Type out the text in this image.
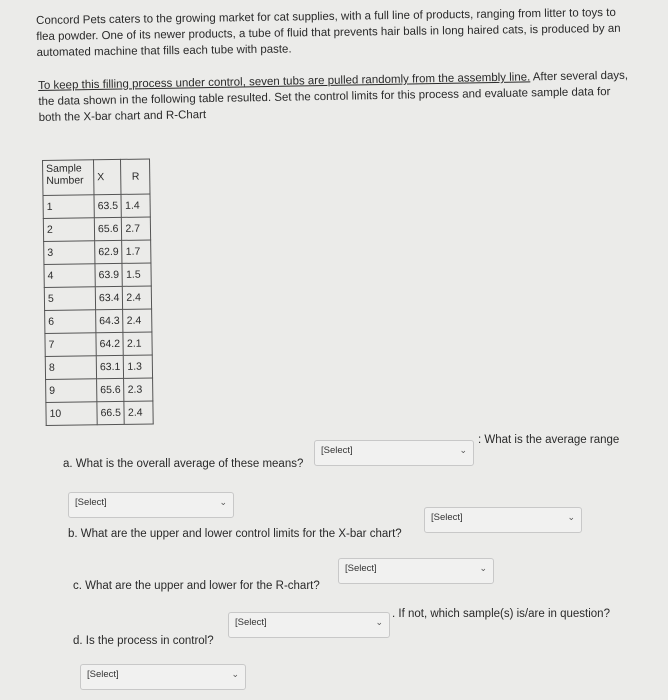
Concord Pets caters to the growing market for cat supplies, with a full line of products, ranging from litter to toys to flea powder. One of its newer products, a tube of fluid that prevents hair balls in long haired cats, is produced by an automated machine that fills each tube with paste.
To keep this filling process under control, seven tubs are pulled randomly from the assembly line. After several days, the data shown in the following table resulted. Set the control limits for this process and evaluate sample data for both the X-bar chart and R-Chart
Sample Number	X	R
1	63.5	1.4
2	65.6	2.7
3	62.9	1.7
4	63.9	1.5
5	63.4	2.4
6	64.3	2.4
7	64.2	2.1
8	63.1	1.3
9	65.6	2.3
10	66.5	2.4
a. What is the overall average of these means?
[Select]	⌄
: What is the average range
[Select]	⌄
b. What are the upper and lower control limits for the X-bar chart?
[Select]	⌄
c. What are the upper and lower for the R-chart?
[Select]	⌄
d. Is the process in control?
[Select]	⌄
. If not, which sample(s) is/are in question?
[Select]	⌄
